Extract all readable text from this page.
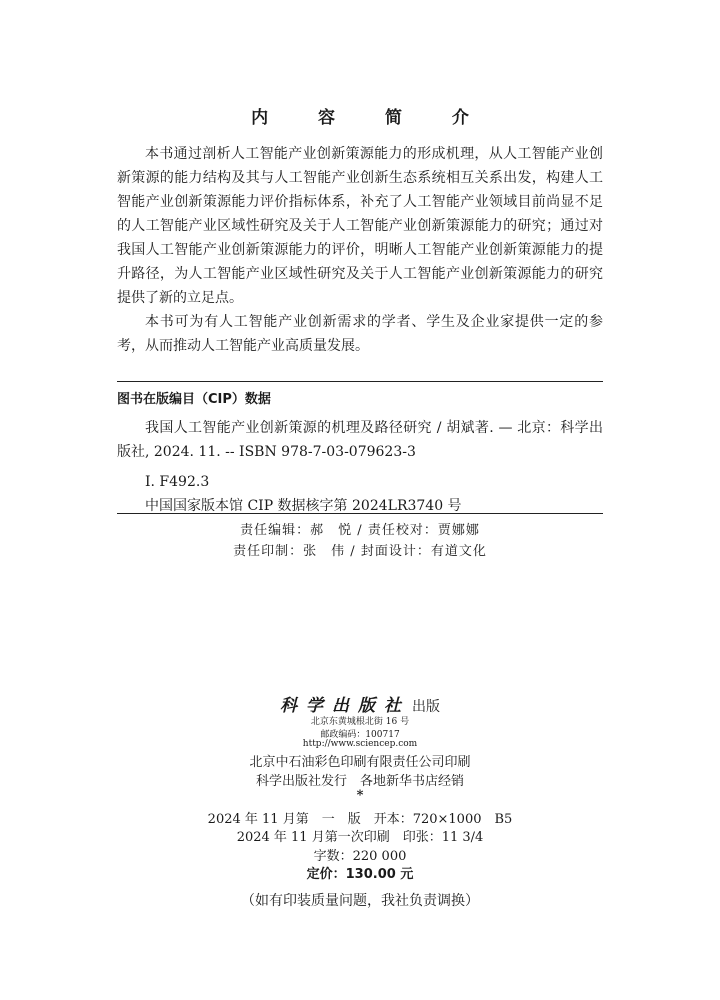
内 容 简 介

本书通过剖析人工智能产业创新策源能力的形成机理，从人工智能产业创新策源的能力结构及其与人工智能产业创新生态系统相互关系出发，构建人工智能产业创新策源能力评价指标体系，补充了人工智能产业领域目前尚显不足的人工智能产业区域性研究及关于人工智能产业创新策源能力的研究；通过对我国人工智能产业创新策源能力的评价，明晰人工智能产业创新策源能力的提升路径，为人工智能产业区域性研究及关于人工智能产业创新策源能力的研究提供了新的立足点。

本书可为有人工智能产业创新需求的学者、学生及企业家提供一定的参考，从而推动人工智能产业高质量发展。

图书在版编目（CIP）数据
我国人工智能产业创新策源的机理及路径研究 / 胡斌著. — 北京：科学出版社, 2024. 11. -- ISBN 978-7-03-079623-3
Ⅰ. F492.3
中国国家版本馆 CIP 数据核字第 2024LR3740 号
责任编辑：郝　悦 / 责任校对：贾娜娜
责任印制：张　伟 / 封面设计：有道文化
科学出版社 出版
北京东黄城根北街 16 号
邮政编码：100717
http://www.sciencep.com
北京中石油彩色印刷有限责任公司印刷
科学出版社发行　各地新华书店经销
*
2024 年 11 月第　一　版　开本：720×1000　B5
2024 年 11 月第一次印刷　印张：11 3/4
字数：220 000
定价：130.00 元
（如有印装质量问题，我社负责调换）
